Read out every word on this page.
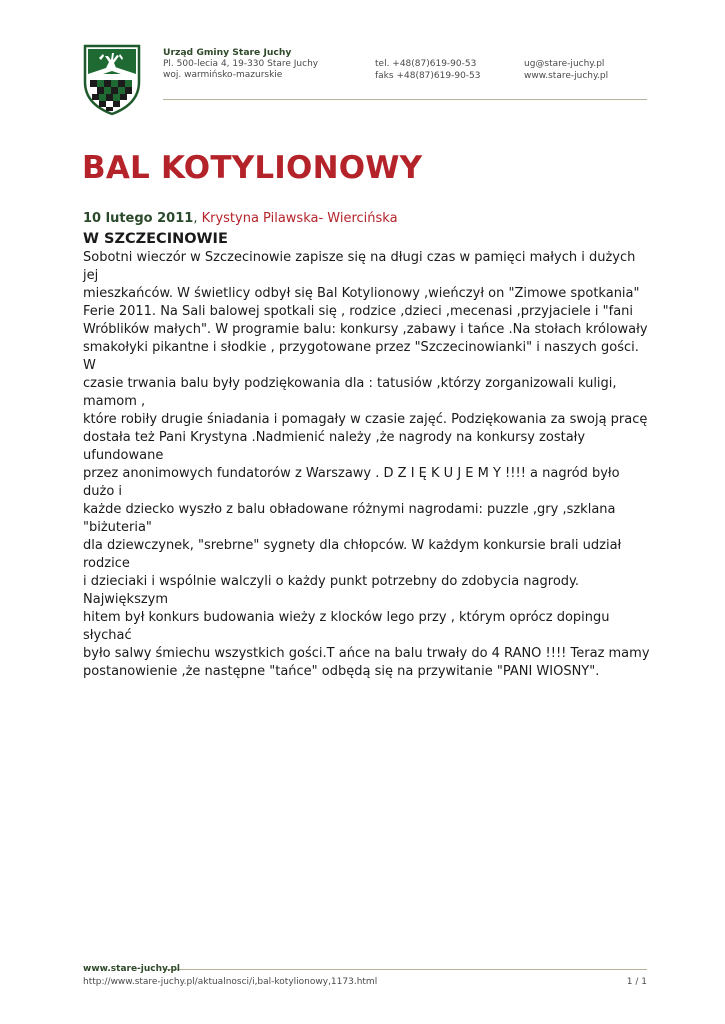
Urząd Gminy Stare Juchy
Pl. 500-lecia 4, 19-330 Stare Juchy
woj. warmińsko-mazurskie
tel. +48(87)619-90-53
faks +48(87)619-90-53
ug@stare-juchy.pl
www.stare-juchy.pl
BAL KOTYLIONOWY
10 lutego 2011, Krystyna Pilawska- Wiercińska
W SZCZECINOWIE

Sobotni wieczór w Szczecinowie zapisze się na długi czas w pamięci małych i dużych jej
mieszkańców. W świetlicy odbył się Bal Kotylionowy ,wieńczył on "Zimowe spotkania"
Ferie 2011. Na Sali balowej spotkali się , rodzice ,dzieci ,mecenasi ,przyjaciele i "fani
Wróblików małych". W programie balu: konkursy ,zabawy i tańce .Na stołach królowały
smakołyki pikantne i słodkie , przygotowane przez "Szczecinowianki" i naszych gości. W
czasie trwania balu były podziękowania dla : tatusiów ,którzy zorganizowali kuligi, mamom ,
które robiły drugie śniadania i pomagały w czasie zajęć. Podziękowania za swoją pracę
dostała też Pani Krystyna .Nadmienić należy ,że nagrody na konkursy zostały ufundowane
przez anonimowych fundatorów z Warszawy . D Z I Ę K U J E M Y !!!! a nagród było dużo i
każde dziecko wyszło z balu obładowane różnymi nagrodami: puzzle ,gry ,szklana "biżuteria"
dla dziewczynek, "srebrne" sygnety dla chłopców. W każdym konkursie brali udział rodzice
i dzieciaki i wspólnie walczyli o każdy punkt potrzebny do zdobycia nagrody. Największym
hitem był konkurs budowania wieży z klocków lego przy , którym oprócz dopingu słychać
było salwy śmiechu wszystkich gości.T ańce na balu trwały do 4 RANO !!!! Teraz mamy
postanowienie ,że następne "tańce" odbędą się na przywitanie "PANI WIOSNY".

www.stare-juchy.pl
http://www.stare-juchy.pl/aktualnosci/i,bal-kotylionowy,1173.html	1 / 1
